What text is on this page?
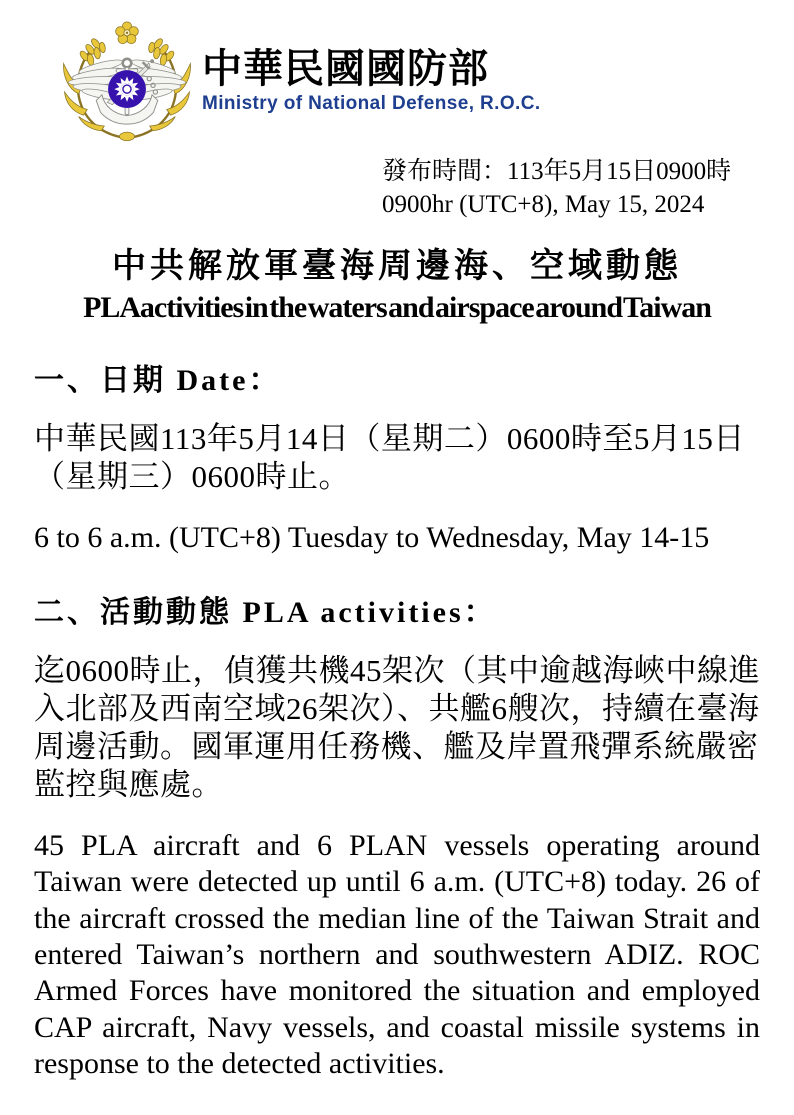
中華民國國防部
Ministry of National Defense, R.O.C.
發布時間：113年5月15日0900時
0900hr (UTC+8), May 15, 2024
中共解放軍臺海周邊海、空域動態
PLA activities in the waters and airspace around Taiwan
一、日期 Date：

中華民國113年5月14日（星期二）0600時至5月15日（星期三）0600時止。

6 to 6 a.m. (UTC+8) Tuesday to Wednesday, May 14-15

二、活動動態 PLA activities：

迄0600時止，偵獲共機45架次（其中逾越海峽中線進入北部及西南空域26架次）、共艦6艘次，持續在臺海周邊活動。國軍運用任務機、艦及岸置飛彈系統嚴密監控與應處。

45 PLA aircraft and 6 PLAN vessels operating around Taiwan were detected up until 6 a.m. (UTC+8) today. 26 of the aircraft crossed the median line of the Taiwan Strait and entered Taiwan’s northern and southwestern ADIZ. ROC Armed Forces have monitored the situation and employed CAP aircraft, Navy vessels, and coastal missile systems in response to the detected activities.
